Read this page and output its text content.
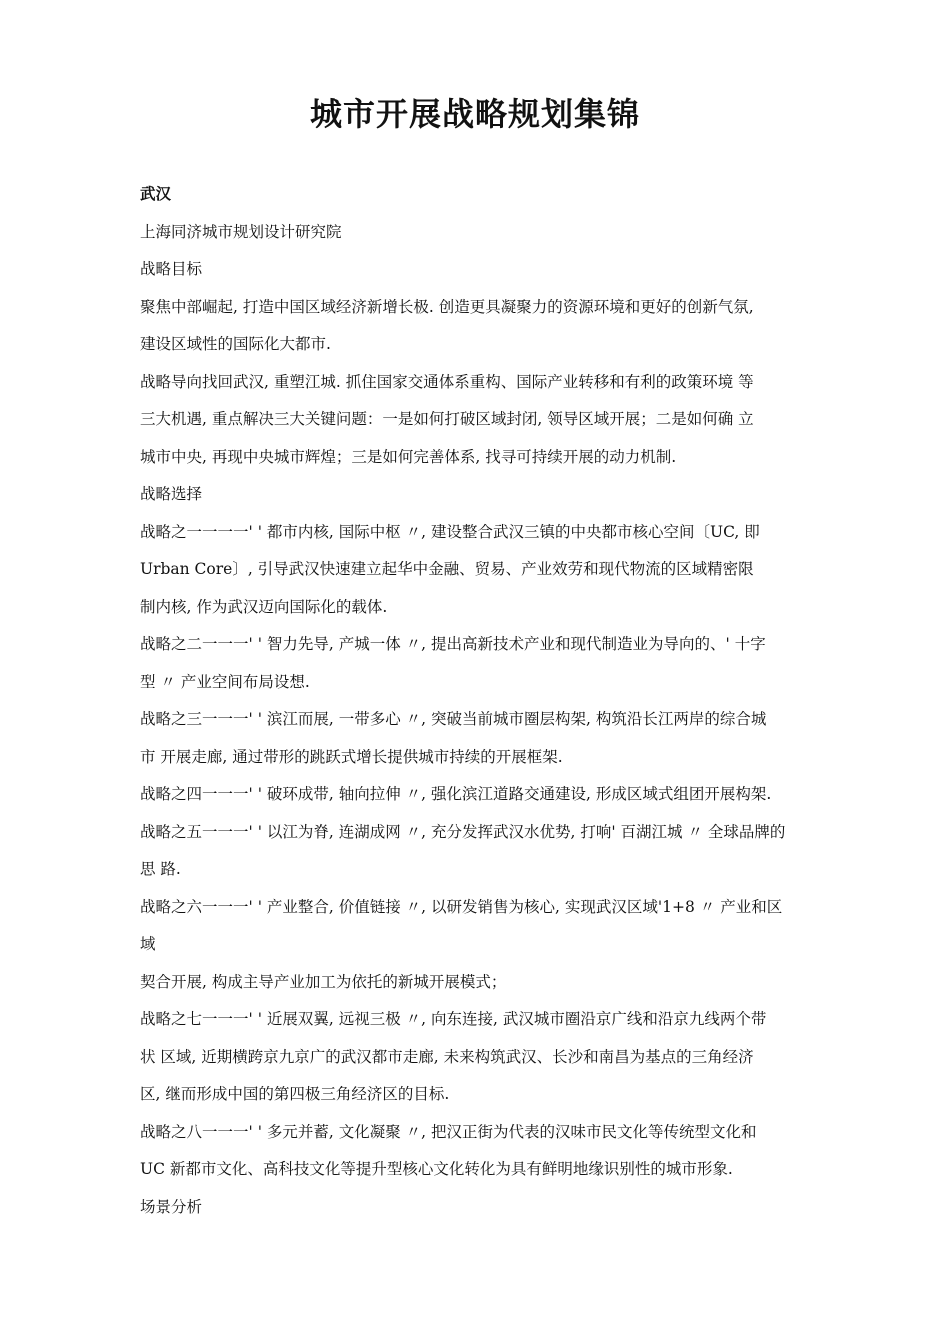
城市开展战略规划集锦

武汉

上海同济城市规划设计研究院

战略目标

聚焦中部崛起, 打造中国区域经济新增长极. 创造更具凝聚力的资源环境和更好的创新气氛,

建设区域性的国际化大都市.

战略导向找回武汉, 重塑江城. 抓住国家交通体系重构、国际产业转移和有利的政策环境 等

三大机遇, 重点解决三大关键问题：一是如何打破区域封闭, 领导区域开展；二是如何确 立

城市中央, 再现中央城市辉煌；三是如何完善体系, 找寻可持续开展的动力机制.

战略选择

战略之一一一一' ' 都市内核, 国际中枢 〃, 建设整合武汉三镇的中央都市核心空间〔UC, 即

Urban Core〕, 引导武汉快速建立起华中金融、贸易、产业效劳和现代物流的区域精密限

制内核, 作为武汉迈向国际化的载体.

战略之二一一一' ' 智力先导, 产城一体 〃, 提出高新技术产业和现代制造业为导向的、' 十字

型 〃 产业空间布局设想.

战略之三一一一' ' 滨江而展, 一带多心 〃, 突破当前城市圈层构架, 构筑沿长江两岸的综合城

市 开展走廊, 通过带形的跳跃式增长提供城市持续的开展框架.

战略之四一一一' ' 破环成带, 轴向拉伸 〃, 强化滨江道路交通建设, 形成区域式组团开展构架.

战略之五一一一' ' 以江为脊, 连湖成网 〃, 充分发挥武汉水优势, 打响' 百湖江城 〃 全球品牌的

思 路.

战略之六一一一' ' 产业整合, 价值链接 〃, 以研发销售为核心, 实现武汉区域'1+8 〃 产业和区

域

契合开展, 构成主导产业加工为依托的新城开展模式；

战略之七一一一' ' 近展双翼, 远视三极 〃, 向东连接, 武汉城市圈沿京广线和沿京九线两个带

状 区域, 近期横跨京九京广的武汉都市走廊, 未来构筑武汉、长沙和南昌为基点的三角经济

区, 继而形成中国的第四极三角经济区的目标.

战略之八一一一' ' 多元并蓄, 文化凝聚 〃, 把汉正街为代表的汉味市民文化等传统型文化和

UC 新都市文化、高科技文化等提升型核心文化转化为具有鲜明地缘识别性的城市形象.

场景分析
